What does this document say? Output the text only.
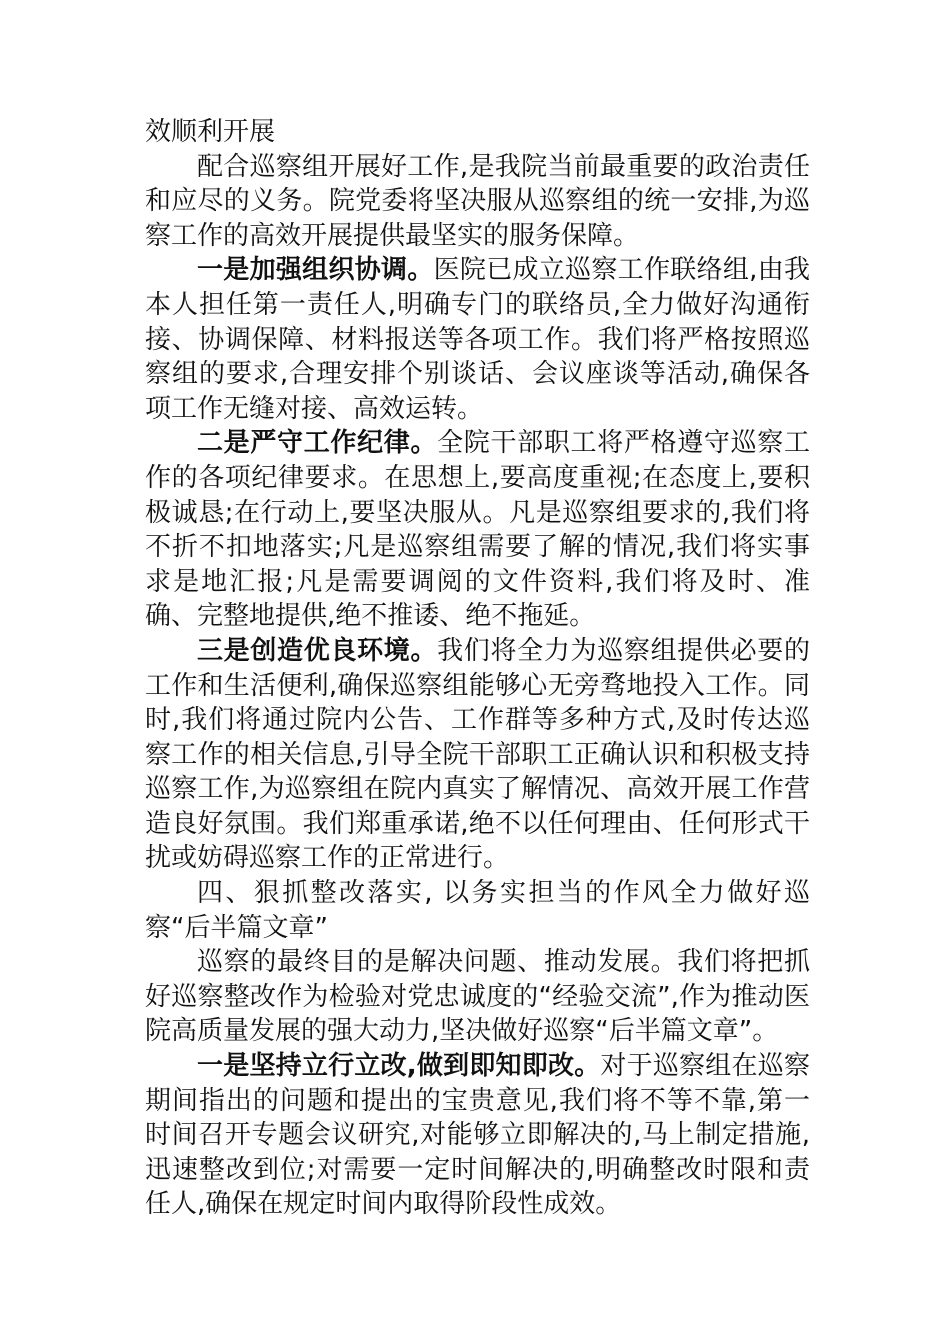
效顺利开展

配合巡察组开展好工作,是我院当前最重要的政治责任和应尽的义务。院党委将坚决服从巡察组的统一安排,为巡察工作的高效开展提供最坚实的服务保障。

一是加强组织协调。医院已成立巡察工作联络组,由我本人担任第一责任人,明确专门的联络员,全力做好沟通衔接、协调保障、材料报送等各项工作。我们将严格按照巡察组的要求,合理安排个别谈话、会议座谈等活动,确保各项工作无缝对接、高效运转。

二是严守工作纪律。全院干部职工将严格遵守巡察工作的各项纪律要求。在思想上,要高度重视;在态度上,要积极诚恳;在行动上,要坚决服从。凡是巡察组要求的,我们将不折不扣地落实;凡是巡察组需要了解的情况,我们将实事求是地汇报;凡是需要调阅的文件资料,我们将及时、准确、完整地提供,绝不推诿、绝不拖延。

三是创造优良环境。我们将全力为巡察组提供必要的工作和生活便利,确保巡察组能够心无旁骛地投入工作。同时,我们将通过院内公告、工作群等多种方式,及时传达巡察工作的相关信息,引导全院干部职工正确认识和积极支持巡察工作,为巡察组在院内真实了解情况、高效开展工作营造良好氛围。我们郑重承诺,绝不以任何理由、任何形式干扰或妨碍巡察工作的正常进行。

四、狠抓整改落实, 以务实担当的作风全力做好巡察“后半篇文章”

巡察的最终目的是解决问题、推动发展。我们将把抓好巡察整改作为检验对党忠诚度的“经验交流”,作为推动医院高质量发展的强大动力,坚决做好巡察“后半篇文章”。

一是坚持立行立改,做到即知即改。对于巡察组在巡察期间指出的问题和提出的宝贵意见,我们将不等不靠,第一时间召开专题会议研究,对能够立即解决的,马上制定措施,迅速整改到位;对需要一定时间解决的,明确整改时限和责任人,确保在规定时间内取得阶段性成效。
